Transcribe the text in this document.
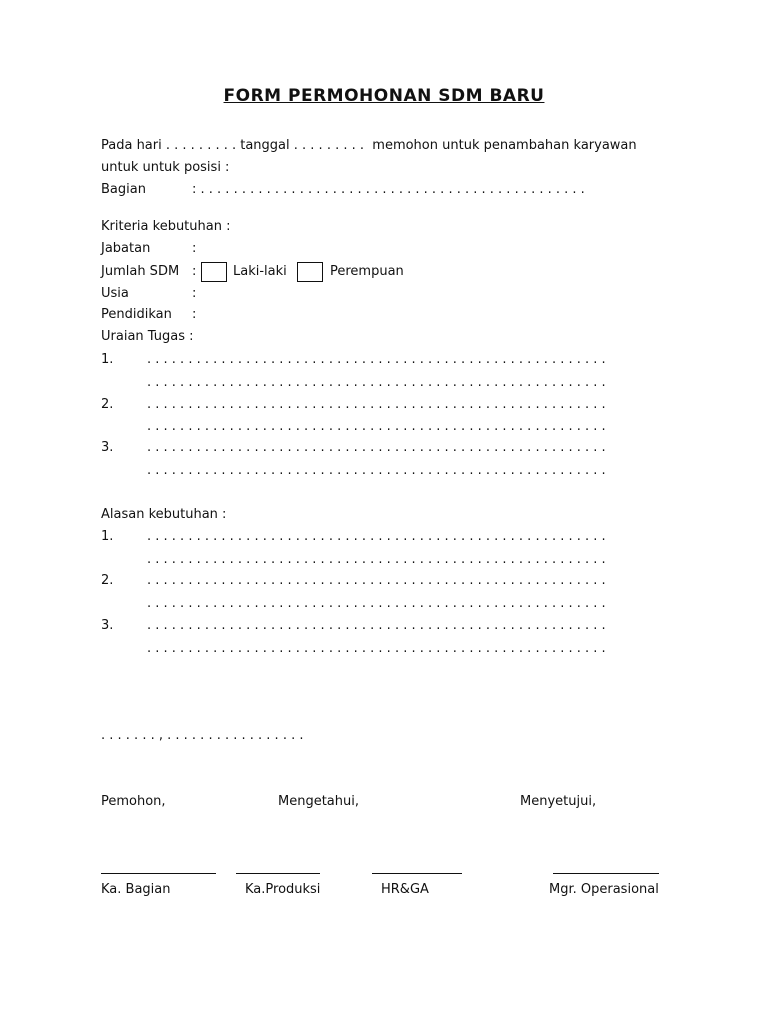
FORM PERMOHONAN SDM BARU
Pada hari . . . . . . . . . tanggal . . . . . . . . .  memohon untuk penambahan karyawan
untuk untuk posisi :
Bagian	: . . . . . . . . . . . . . . . . . . . . . . . . . . . . . . . . . . . . . . . . . . . . . . .
Kriteria kebutuhan :
Jabatan	:
Jumlah SDM :	Laki-laki	Perempuan
Usia	:
Pendidikan :
Uraian Tugas :
1.	. . . . . . . . . . . . . . . . . . . . . . . . . . . . . . . . . . . . . . . . . . . . . . . . . . . . . . . .
. . . . . . . . . . . . . . . . . . . . . . . . . . . . . . . . . . . . . . . . . . . . . . . . . . . . . . . .
2.	. . . . . . . . . . . . . . . . . . . . . . . . . . . . . . . . . . . . . . . . . . . . . . . . . . . . . . . .
. . . . . . . . . . . . . . . . . . . . . . . . . . . . . . . . . . . . . . . . . . . . . . . . . . . . . . . .
3.	. . . . . . . . . . . . . . . . . . . . . . . . . . . . . . . . . . . . . . . . . . . . . . . . . . . . . . . .
. . . . . . . . . . . . . . . . . . . . . . . . . . . . . . . . . . . . . . . . . . . . . . . . . . . . . . . .
Alasan kebutuhan :
1.	. . . . . . . . . . . . . . . . . . . . . . . . . . . . . . . . . . . . . . . . . . . . . . . . . . . . . . . .
. . . . . . . . . . . . . . . . . . . . . . . . . . . . . . . . . . . . . . . . . . . . . . . . . . . . . . . .
2.	. . . . . . . . . . . . . . . . . . . . . . . . . . . . . . . . . . . . . . . . . . . . . . . . . . . . . . . .
. . . . . . . . . . . . . . . . . . . . . . . . . . . . . . . . . . . . . . . . . . . . . . . . . . . . . . . .
3.	. . . . . . . . . . . . . . . . . . . . . . . . . . . . . . . . . . . . . . . . . . . . . . . . . . . . . . . .
. . . . . . . . . . . . . . . . . . . . . . . . . . . . . . . . . . . . . . . . . . . . . . . . . . . . . . . .
. . . . . . . , . . . . . . . . . . . . . . . . .
Pemohon,	Mengetahui,	Menyetujui,
Ka. Bagian	Ka.Produksi	HR&GA	Mgr. Operasional
